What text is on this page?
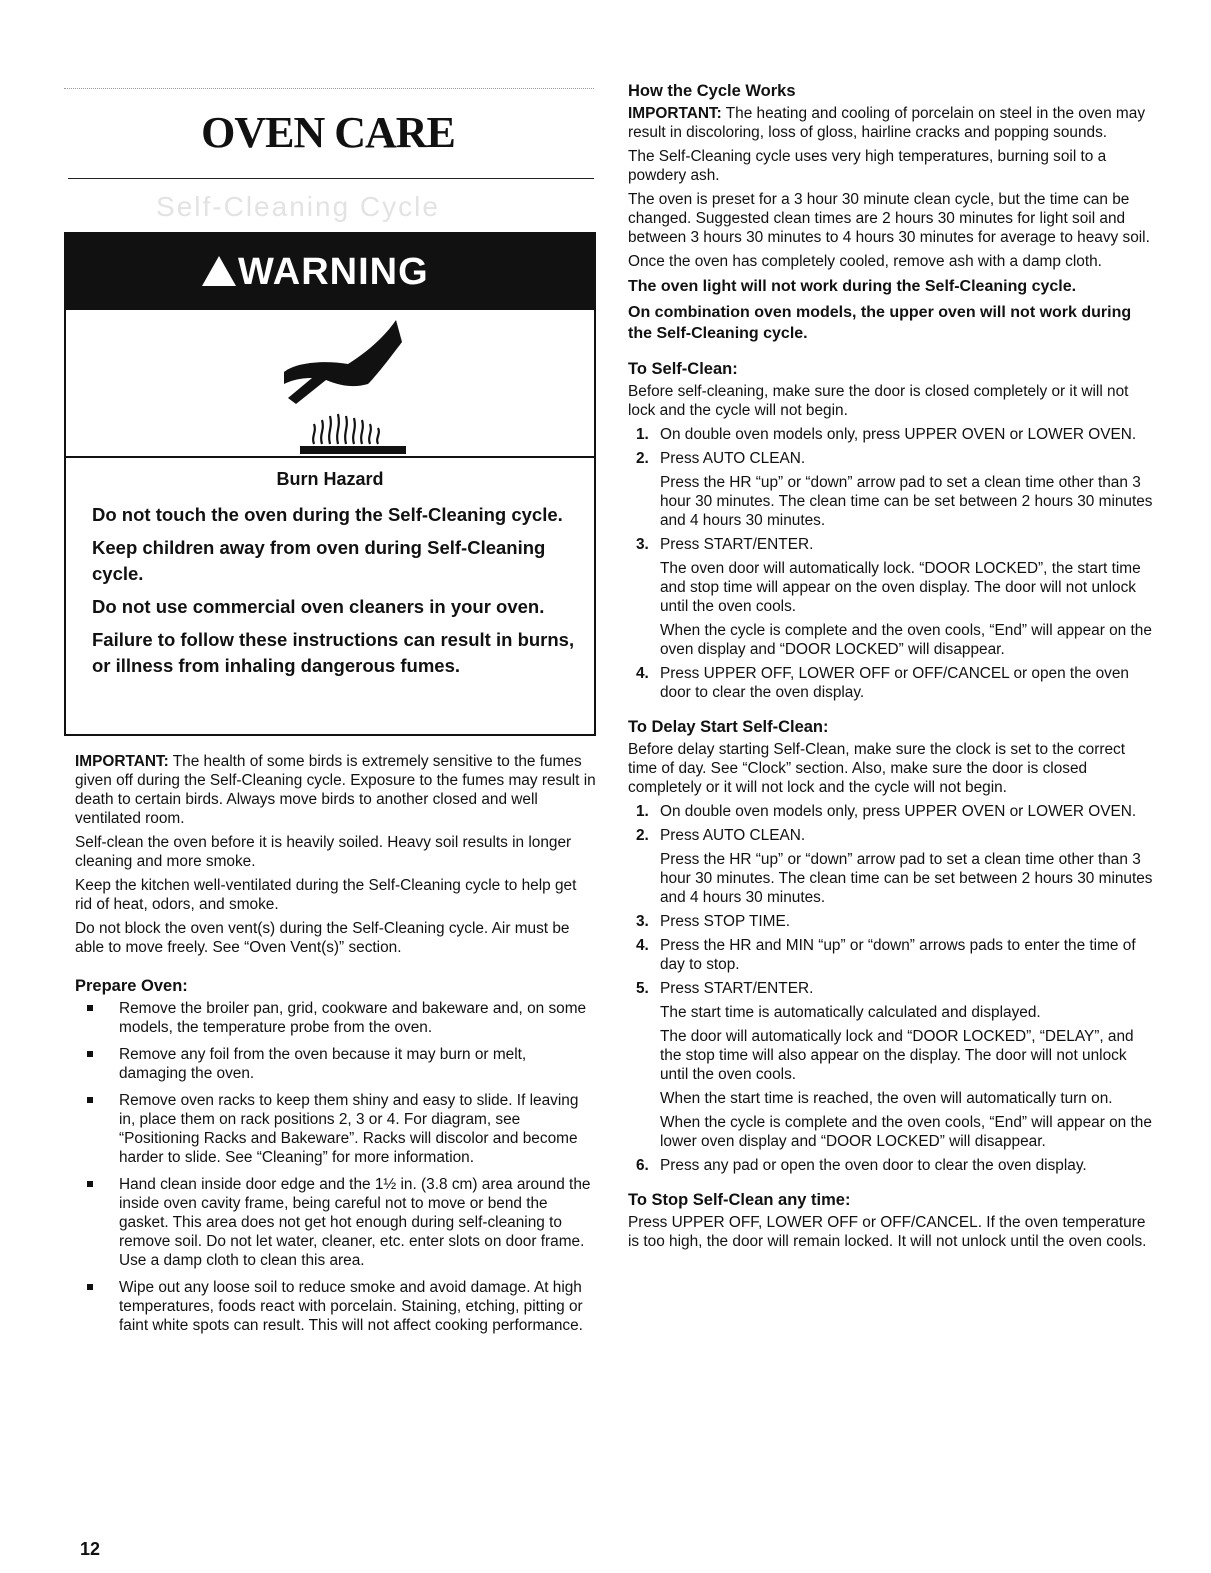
OVEN CARE
Self-Cleaning Cycle
WARNING
Burn Hazard

Do not touch the oven during the Self-Cleaning cycle.

Keep children away from oven during Self-Cleaning cycle.

Do not use commercial oven cleaners in your oven.

Failure to follow these instructions can result in burns, or illness from inhaling dangerous fumes.

IMPORTANT: The health of some birds is extremely sensitive to the fumes given off during the Self-Cleaning cycle. Exposure to the fumes may result in death to certain birds. Always move birds to another closed and well ventilated room.

Self-clean the oven before it is heavily soiled. Heavy soil results in longer cleaning and more smoke.

Keep the kitchen well-ventilated during the Self-Cleaning cycle to help get rid of heat, odors, and smoke.

Do not block the oven vent(s) during the Self-Cleaning cycle. Air must be able to move freely. See “Oven Vent(s)” section.

Prepare Oven:
Remove the broiler pan, grid, cookware and bakeware and, on some models, the temperature probe from the oven.
Remove any foil from the oven because it may burn or melt, damaging the oven.
Remove oven racks to keep them shiny and easy to slide. If leaving in, place them on rack positions 2, 3 or 4. For diagram, see “Positioning Racks and Bakeware”. Racks will discolor and become harder to slide. See “Cleaning” for more information.
Hand clean inside door edge and the 1½ in. (3.8 cm) area around the inside oven cavity frame, being careful not to move or bend the gasket. This area does not get hot enough during self-cleaning to remove soil. Do not let water, cleaner, etc. enter slots on door frame. Use a damp cloth to clean this area.
Wipe out any loose soil to reduce smoke and avoid damage. At high temperatures, foods react with porcelain. Staining, etching, pitting or faint white spots can result. This will not affect cooking performance.
How the Cycle Works

IMPORTANT: The heating and cooling of porcelain on steel in the oven may result in discoloring, loss of gloss, hairline cracks and popping sounds.

The Self-Cleaning cycle uses very high temperatures, burning soil to a powdery ash.

The oven is preset for a 3 hour 30 minute clean cycle, but the time can be changed. Suggested clean times are 2 hours 30 minutes for light soil and between 3 hours 30 minutes to 4 hours 30 minutes for average to heavy soil.

Once the oven has completely cooled, remove ash with a damp cloth.

The oven light will not work during the Self-Cleaning cycle.

On combination oven models, the upper oven will not work during the Self-Cleaning cycle.

To Self-Clean:

Before self-cleaning, make sure the door is closed completely or it will not lock and the cycle will not begin.

1. On double oven models only, press UPPER OVEN or LOWER OVEN.
2. Press AUTO CLEAN.
Press the HR “up” or “down” arrow pad to set a clean time other than 3 hour 30 minutes. The clean time can be set between 2 hours 30 minutes and 4 hours 30 minutes.
3. Press START/ENTER.
The oven door will automatically lock. “DOOR LOCKED”, the start time and stop time will appear on the oven display. The door will not unlock until the oven cools.
When the cycle is complete and the oven cools, “End” will appear on the oven display and “DOOR LOCKED” will disappear.
4. Press UPPER OFF, LOWER OFF or OFF/CANCEL or open the oven door to clear the oven display.
To Delay Start Self-Clean:

Before delay starting Self-Clean, make sure the clock is set to the correct time of day. See “Clock” section. Also, make sure the door is closed completely or it will not lock and the cycle will not begin.

1. On double oven models only, press UPPER OVEN or LOWER OVEN.
2. Press AUTO CLEAN.
Press the HR “up” or “down” arrow pad to set a clean time other than 3 hour 30 minutes. The clean time can be set between 2 hours 30 minutes and 4 hours 30 minutes.
3. Press STOP TIME.
4. Press the HR and MIN “up” or “down” arrows pads to enter the time of day to stop.
5. Press START/ENTER.
The start time is automatically calculated and displayed.
The door will automatically lock and “DOOR LOCKED”, “DELAY”, and the stop time will also appear on the display. The door will not unlock until the oven cools.
When the start time is reached, the oven will automatically turn on.
When the cycle is complete and the oven cools, “End” will appear on the lower oven display and “DOOR LOCKED” will disappear.
6. Press any pad or open the oven door to clear the oven display.
To Stop Self-Clean any time:

Press UPPER OFF, LOWER OFF or OFF/CANCEL. If the oven temperature is too high, the door will remain locked. It will not unlock until the oven cools.

12
